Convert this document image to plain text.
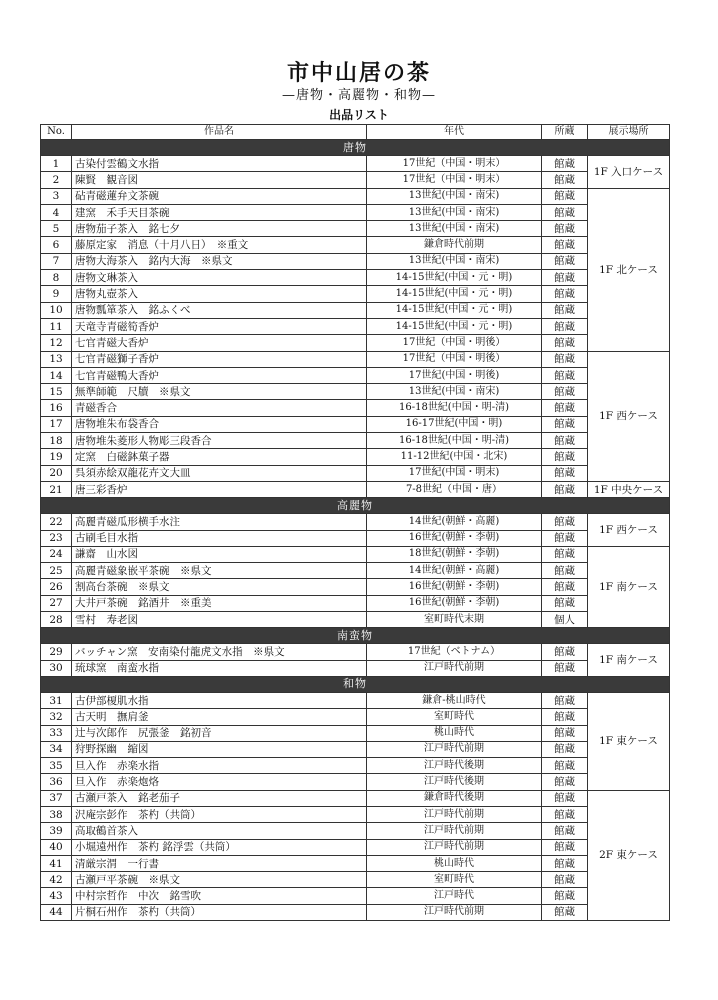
市中山居の茶
—唐物・高麗物・和物—
出品リスト
No.	作品名	年代	所蔵	展示場所
唐物				
1	古染付雲鶴文水指	17世紀（中国・明末）	館蔵	1F 入口ケース
2	陳賢　観音図	17世紀（中国・明末）	館蔵	
3	砧青磁蓮弁文茶碗	13世紀(中国・南宋)	館蔵	1F 北ケース
4	建窯　禾手天目茶碗	13世紀(中国・南宋)	館蔵	
5	唐物茄子茶入　銘七夕	13世紀(中国・南宋)	館蔵	
6	藤原定家　消息（十月八日）　※重文	鎌倉時代前期	館蔵	
7	唐物大海茶入　銘内大海　※県文	13世紀(中国・南宋)	館蔵	
8	唐物文琳茶入	14-15世紀(中国・元・明)	館蔵	
9	唐物丸壺茶入	14-15世紀(中国・元・明)	館蔵	
10	唐物瓢箪茶入　銘ふくべ	14-15世紀(中国・元・明)	館蔵	
11	天竜寺青磁筍香炉	14-15世紀(中国・元・明)	館蔵	
12	七官青磁大香炉	17世紀（中国・明後）	館蔵	
13	七官青磁獅子香炉	17世紀（中国・明後）	館蔵	1F 西ケース
14	七官青磁鴨大香炉	17世紀(中国・明後)	館蔵	
15	無準師範　尺牘　※県文	13世紀(中国・南宋)	館蔵	
16	青磁香合	16-18世紀(中国・明-清)	館蔵	
17	唐物堆朱布袋香合	16-17世紀(中国・明)	館蔵	
18	唐物堆朱菱形人物彫三段香合	16-18世紀(中国・明-清)	館蔵	
19	定窯　白磁鉢菓子器	11-12世紀(中国・北宋)	館蔵	
20	呉須赤絵双龍花卉文大皿	17世紀(中国・明末)	館蔵	
21	唐三彩香炉	7-8世紀（中国・唐）	館蔵	1F 中央ケース
高麗物				
22	高麗青磁瓜形横手水注	14世紀(朝鮮・高麗)	館蔵	1F 西ケース
23	古刷毛目水指	16世紀(朝鮮・李朝)	館蔵	
24	謙齋　山水図	18世紀(朝鮮・李朝)	館蔵	1F 南ケース
25	高麗青磁象嵌平茶碗　※県文	14世紀(朝鮮・高麗)	館蔵	
26	割高台茶碗　※県文	16世紀(朝鮮・李朝)	館蔵	
27	大井戸茶碗　銘酒井　※重美	16世紀(朝鮮・李朝)	館蔵	
28	雪村　寿老図	室町時代末期	個人	
南蛮物				
29	バッチャン窯　安南染付龍虎文水指　※県文	17世紀（ベトナム）	館蔵	1F 南ケース
30	琉球窯　南蛮水指	江戸時代前期	館蔵	
和物				
31	古伊部榎肌水指	鎌倉-桃山時代	館蔵	1F 東ケース
32	古天明　撫肩釜	室町時代	館蔵	
33	辻与次郎作　尻張釜　銘初音	桃山時代	館蔵	
34	狩野探幽　縮図	江戸時代前期	館蔵	
35	旦入作　赤楽水指	江戸時代後期	館蔵	
36	旦入作　赤楽炮烙	江戸時代後期	館蔵	
37	古瀬戸茶入　銘老茄子	鎌倉時代後期	館蔵	2F 東ケース
38	沢庵宗彭作　茶杓（共筒）	江戸時代前期	館蔵	
39	高取鶴首茶入	江戸時代前期	館蔵	
40	小堀遠州作　茶杓 銘浮雲（共筒）	江戸時代前期	館蔵	
41	清厳宗渭　一行書	桃山時代	館蔵	
42	古瀬戸平茶碗　※県文	室町時代	館蔵	
43	中村宗哲作　中次　銘雪吹	江戸時代	館蔵	
44	片桐石州作　茶杓（共筒）	江戸時代前期	館蔵	
